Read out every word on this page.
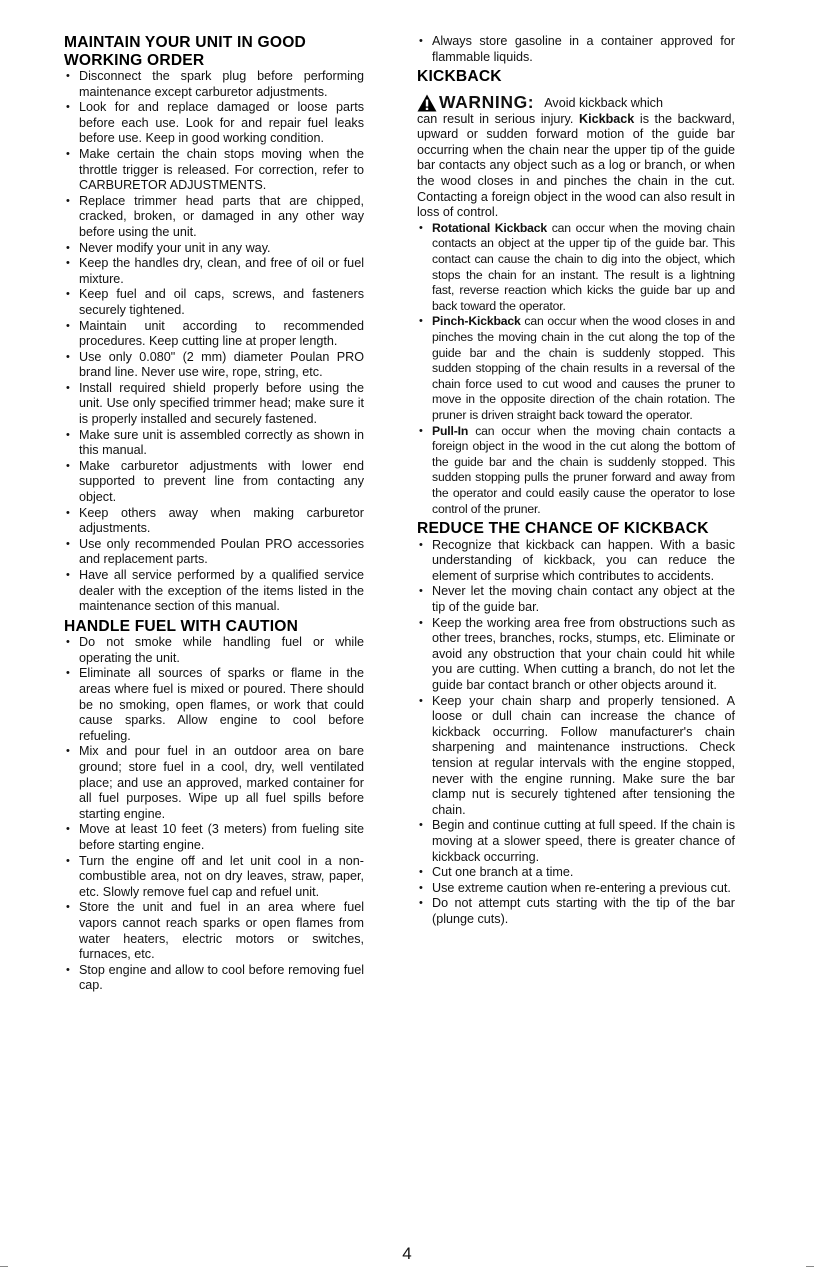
MAINTAIN YOUR UNIT IN GOOD WORKING ORDER
• Disconnect the spark plug before performing maintenance except carburetor adjustments.
• Look for and replace damaged or loose parts before each use. Look for and repair fuel leaks before use. Keep in good working condition.
• Make certain the chain stops moving when the throttle trigger is released. For correction, refer to CARBURETOR ADJUSTMENTS.
• Replace trimmer head parts that are chipped, cracked, broken, or damaged in any other way before using the unit.
• Never modify your unit in any way.
• Keep the handles dry, clean, and free of oil or fuel mixture.
• Keep fuel and oil caps, screws, and fasteners securely tightened.
• Maintain unit according to recommended procedures. Keep cutting line at proper length.
• Use only 0.080" (2 mm) diameter Poulan PRO brand line. Never use wire, rope, string, etc.
• Install required shield properly before using the unit. Use only specified trimmer head; make sure it is properly installed and securely fastened.
• Make sure unit is assembled correctly as shown in this manual.
• Make carburetor adjustments with lower end supported to prevent line from contacting any object.
• Keep others away when making carburetor adjustments.
• Use only recommended Poulan PRO accessories and replacement parts.
• Have all service performed by a qualified service dealer with the exception of the items listed in the maintenance section of this manual.
HANDLE FUEL WITH CAUTION
• Do not smoke while handling fuel or while operating the unit.
• Eliminate all sources of sparks or flame in the areas where fuel is mixed or poured. There should be no smoking, open flames, or work that could cause sparks. Allow engine to cool before refueling.
• Mix and pour fuel in an outdoor area on bare ground; store fuel in a cool, dry, well ventilated place; and use an approved, marked container for all fuel purposes. Wipe up all fuel spills before starting engine.
• Move at least 10 feet (3 meters) from fueling site before starting engine.
• Turn the engine off and let unit cool in a non-combustible area, not on dry leaves, straw, paper, etc. Slowly remove fuel cap and refuel unit.
• Store the unit and fuel in an area where fuel vapors cannot reach sparks or open flames from water heaters, electric motors or switches, furnaces, etc.
• Stop engine and allow to cool before removing fuel cap.
• Always store gasoline in a container approved for flammable liquids.
KICKBACK
WARNING: Avoid kickback which

can result in serious injury. Kickback is the backward, upward or sudden forward motion of the guide bar occurring when the chain near the upper tip of the guide bar contacts any object such as a log or branch, or when the wood closes in and pinches the chain in the cut. Contacting a foreign object in the wood can also result in loss of control.

• Rotational Kickback can occur when the moving chain contacts an object at the upper tip of the guide bar. This contact can cause the chain to dig into the object, which stops the chain for an instant. The result is a lightning fast, reverse reaction which kicks the guide bar up and back toward the operator.
• Pinch-Kickback can occur when the wood closes in and pinches the moving chain in the cut along the top of the guide bar and the chain is suddenly stopped. This sudden stopping of the chain results in a reversal of the chain force used to cut wood and causes the pruner to move in the opposite direction of the chain rotation. The pruner is driven straight back toward the operator.
• Pull-In can occur when the moving chain contacts a foreign object in the wood in the cut along the bottom of the guide bar and the chain is suddenly stopped. This sudden stopping pulls the pruner forward and away from the operator and could easily cause the operator to lose control of the pruner.
REDUCE THE CHANCE OF KICKBACK
• Recognize that kickback can happen. With a basic understanding of kickback, you can reduce the element of surprise which contributes to accidents.
• Never let the moving chain contact any object at the tip of the guide bar.
• Keep the working area free from obstructions such as other trees, branches, rocks, stumps, etc. Eliminate or avoid any obstruction that your chain could hit while you are cutting. When cutting a branch, do not let the guide bar contact branch or other objects around it.
• Keep your chain sharp and properly tensioned. A loose or dull chain can increase the chance of kickback occurring. Follow manufacturer's chain sharpening and maintenance instructions. Check tension at regular intervals with the engine stopped, never with the engine running. Make sure the bar clamp nut is securely tightened after tensioning the chain.
• Begin and continue cutting at full speed. If the chain is moving at a slower speed, there is greater chance of kickback occurring.
• Cut one branch at a time.
• Use extreme caution when re-entering a previous cut.
• Do not attempt cuts starting with the tip of the bar (plunge cuts).
4
